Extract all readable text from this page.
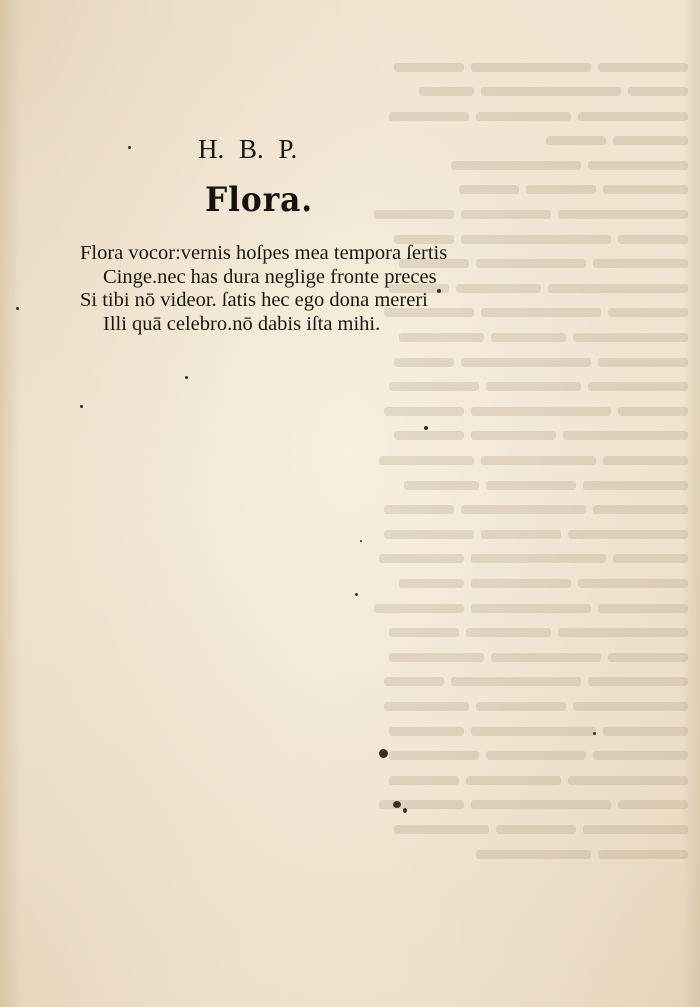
H. B. P.
Flora.
Flora vocor:vernis hoſpes mea tempora ſertis
Cinge.nec has dura neglige fronte preces
Si tibi nō videor. ſatis hec ego dona mereri
Illi quā celebro.nō dabis iſta mihi.
